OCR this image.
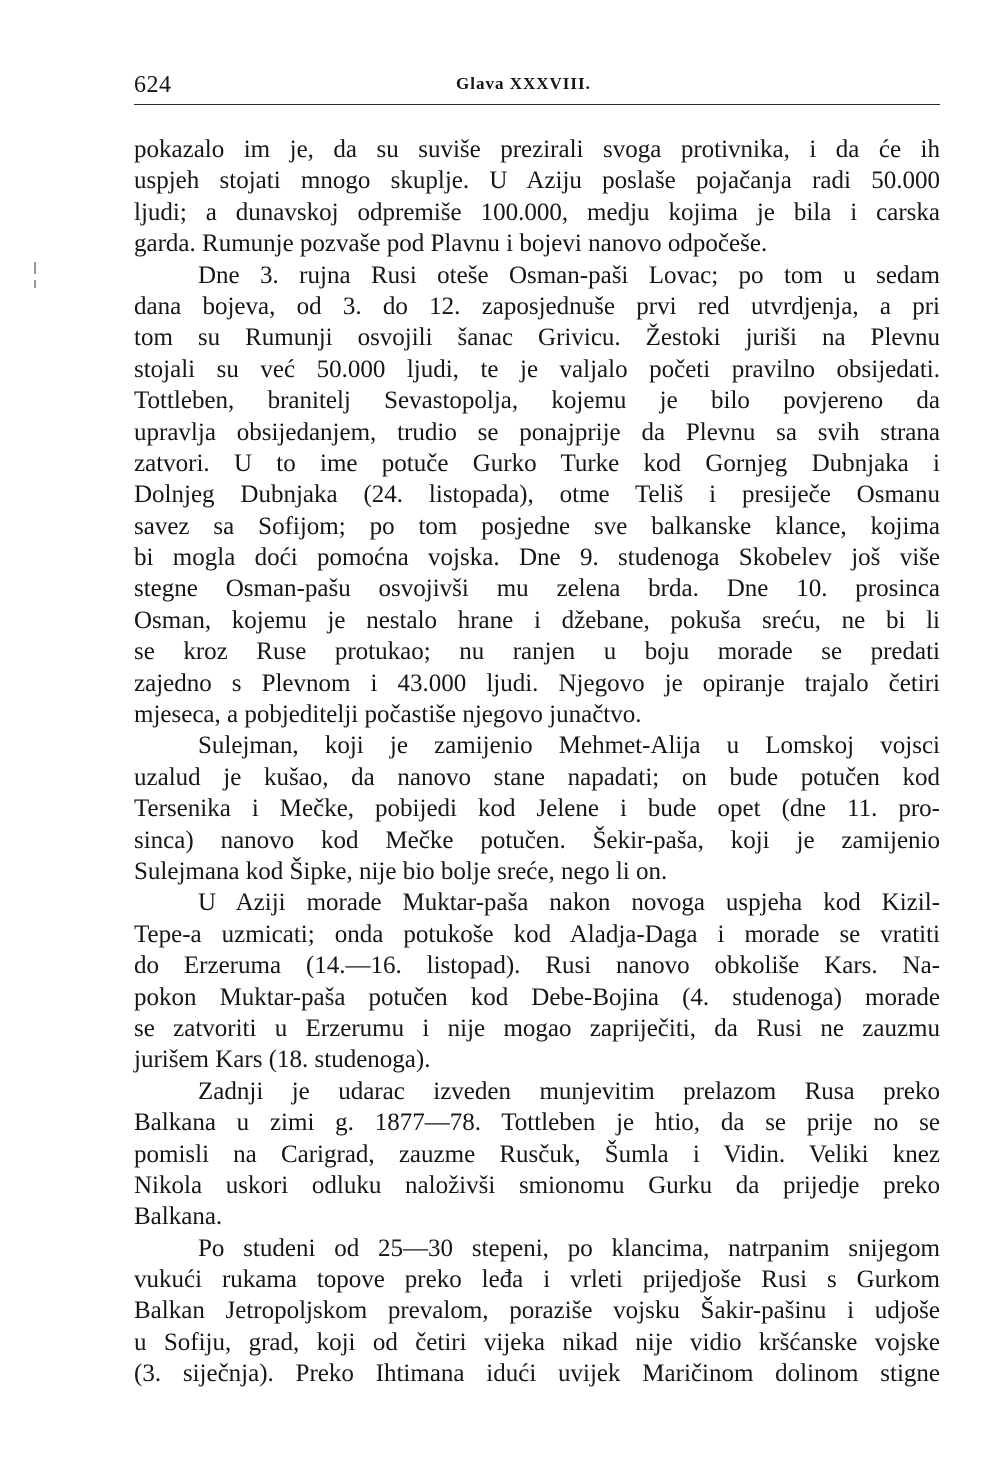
624	Glava XXXVIII.
pokazalo im je, da su suviše prezirali svoga protivnika, i da će ih
uspjeh stojati mnogo skuplje. U Aziju poslaše pojačanja radi 50.000
ljudi; a dunavskoj odpremiše 100.000, medju kojima je bila i carska
garda. Rumunje pozvaše pod Plavnu i bojevi nanovo odpočeše.
Dne 3. rujna Rusi oteše Osman-paši Lovac; po tom u sedam
dana bojeva, od 3. do 12. zaposjednuše prvi red utvrdjenja, a pri
tom su Rumunji osvojili šanac Grivicu. Žestoki juriši na Plevnu
stojali su već 50.000 ljudi, te je valjalo početi pravilno obsijedati.
Tottleben, branitelj Sevastopolja, kojemu je bilo povjereno da
upravlja obsijedanjem, trudio se ponajprije da Plevnu sa svih strana
zatvori. U to ime potuče Gurko Turke kod Gornjeg Dubnjaka i
Dolnjeg Dubnjaka (24. listopada), otme Teliš i presiječe Osmanu
savez sa Sofijom; po tom posjedne sve balkanske klance, kojima
bi mogla doći pomoćna vojska. Dne 9. studenoga Skobelev još više
stegne Osman-pašu osvojivši mu zelena brda. Dne 10. prosinca
Osman, kojemu je nestalo hrane i džebane, pokuša sreću, ne bi li
se kroz Ruse protukao; nu ranjen u boju morade se predati
zajedno s Plevnom i 43.000 ljudi. Njegovo je opiranje trajalo četiri
mjeseca, a pobjeditelji počastiše njegovo junačtvo.
Sulejman, koji je zamijenio Mehmet-Alija u Lomskoj vojsci
uzalud je kušao, da nanovo stane napadati; on bude potučen kod
Tersenika i Mečke, pobijedi kod Jelene i bude opet (dne 11. pro-
sinca) nanovo kod Mečke potučen. Šekir-paša, koji je zamijenio
Sulejmana kod Šipke, nije bio bolje sreće, nego li on.
U Aziji morade Muktar-paša nakon novoga uspjeha kod Kizil-
Tepe-a uzmicati; onda potukoše kod Aladja-Daga i morade se vratiti
do Erzeruma (14.—16. listopad). Rusi nanovo obkoliše Kars. Na-
pokon Muktar-paša potučen kod Debe-Bojina (4. studenoga) morade
se zatvoriti u Erzerumu i nije mogao zapriječiti, da Rusi ne zauzmu
jurišem Kars (18. studenoga).
Zadnji je udarac izveden munjevitim prelazom Rusa preko
Balkana u zimi g. 1877—78. Tottleben je htio, da se prije no se
pomisli na Carigrad, zauzme Rusčuk, Šumla i Vidin. Veliki knez
Nikola uskori odluku naloživši smionomu Gurku da prijedje preko
Balkana.
Po studeni od 25—30 stepeni, po klancima, natrpanim snijegom
vukući rukama topove preko leđa i vrleti prijedjoše Rusi s Gurkom
Balkan Jetropoljskom prevalom, poraziše vojsku Šakir-pašinu i udjoše
u Sofiju, grad, koji od četiri vijeka nikad nije vidio kršćanske vojske
(3. siječnja). Preko Ihtimana idući uvijek Maričinom dolinom stigne
